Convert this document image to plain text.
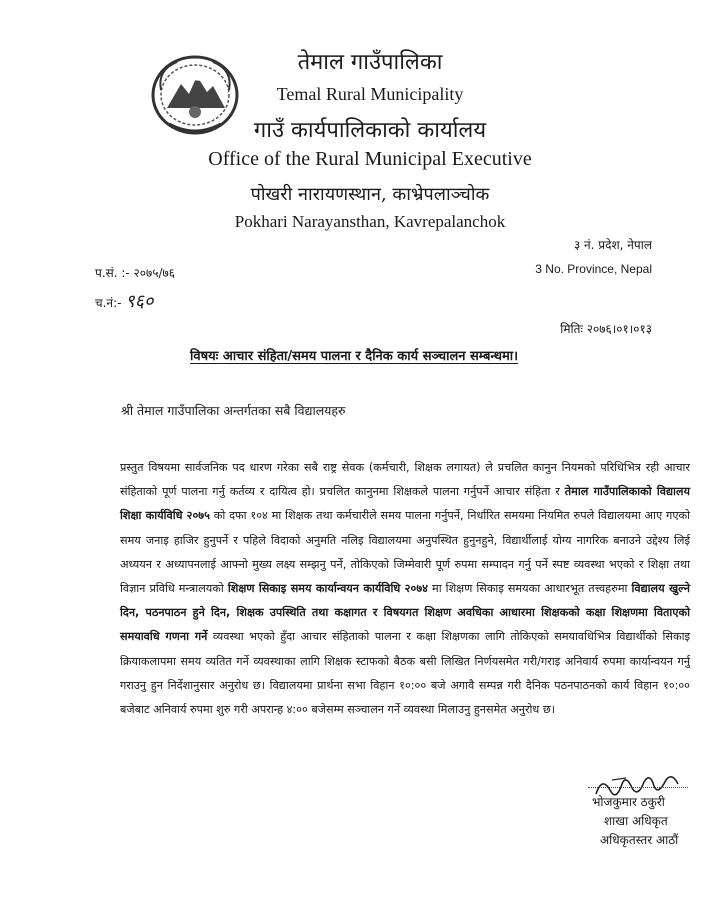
तेमाल गाउँपालिका
Temal Rural Municipality
गाउँ कार्यपालिकाको कार्यालय
Office of the Rural Municipal Executive
पोखरी नारायणस्थान, काभ्रेपलाञ्चोक
Pokhari Narayansthan, Kavrepalanchok
३ नं. प्रदेश, नेपाल
3 No. Province, Nepal
प.सं. :- २०७५/७६
च.नं:- ९६०
मितिः २०७६।०१।०१३
विषयः आचार संहिता/समय पालना र दैनिक कार्य सञ्चालन सम्बन्धमा।
श्री तेमाल गाउँपालिका अन्तर्गतका सबै विद्यालयहरु
प्रस्तुत विषयमा सार्वजनिक पद धारण गरेका सबै राष्ट्र सेवक (कर्मचारी, शिक्षक लगायत) ले प्रचलित कानुन नियमको परिधिभित्र रही आचार संहिताको पूर्ण पालना गर्नु कर्तव्य र दायित्व हो। प्रचलित कानुनमा शिक्षकले पालना गर्नुपर्ने आचार संहिता र तेमाल गाउँपालिकाको विद्यालय शिक्षा कार्यविधि २०७५ को दफा १०४ मा शिक्षक तथा कर्मचारीले समय पालना गर्नुपर्ने, निर्धारित समयमा नियमित रुपले विद्यालयमा आए गएको समय जनाइ हाजिर हुनुपर्ने र पहिले विदाको अनुमति नलिइ विद्यालयमा अनुपस्थित हुनुनहुने, विद्यार्थीलाई योग्य नागरिक बनाउने उद्देश्य लिई अध्ययन र अध्यापनलाई आफ्नो मुख्य लक्ष्य सम्झनु पर्ने, तोकिएको जिम्मेवारी पूर्ण रुपमा सम्पादन गर्नु पर्ने स्पष्ट व्यवस्था भएको र शिक्षा तथा विज्ञान प्रविधि मन्त्रालयको शिक्षण सिकाइ समय कार्यान्वयन कार्यविधि २०७४ मा शिक्षण सिकाइ समयका आधारभूत तत्त्वहरुमा विद्यालय खुल्ने दिन, पठनपाठन हुने दिन, शिक्षक उपस्थिति तथा कक्षागत र विषयगत शिक्षण अवधिका आधारमा शिक्षकको कक्षा शिक्षणमा विताएको समयावधि गणना गर्ने व्यवस्था भएको हुँदा आचार संहिताको पालना र कक्षा शिक्षणका लागि तोकिएको समयावधिभित्र विद्यार्थीको सिकाइ क्रियाकलापमा समय व्यतित गर्ने व्यवस्थाका लागि शिक्षक स्टाफको बैठक बसी लिखित निर्णयसमेत गरी/गराइ अनिवार्य रुपमा कार्यान्वयन गर्नु गराउनु हुन निर्देशानुसार अनुरोध छ। विद्यालयमा प्रार्थना सभा विहान १०:०० बजे अगावै सम्पन्न गरी दैनिक पठनपाठनको कार्य विहान १०:०० बजेबाट अनिवार्य रुपमा शुरु गरी अपरान्ह ४:०० बजेसम्म सञ्चालन गर्ने व्यवस्था मिलाउनु हुनसमेत अनुरोध छ।
भोजकुमार ठकुरी
शाखा अधिकृत
अधिकृतस्तर आठौं
